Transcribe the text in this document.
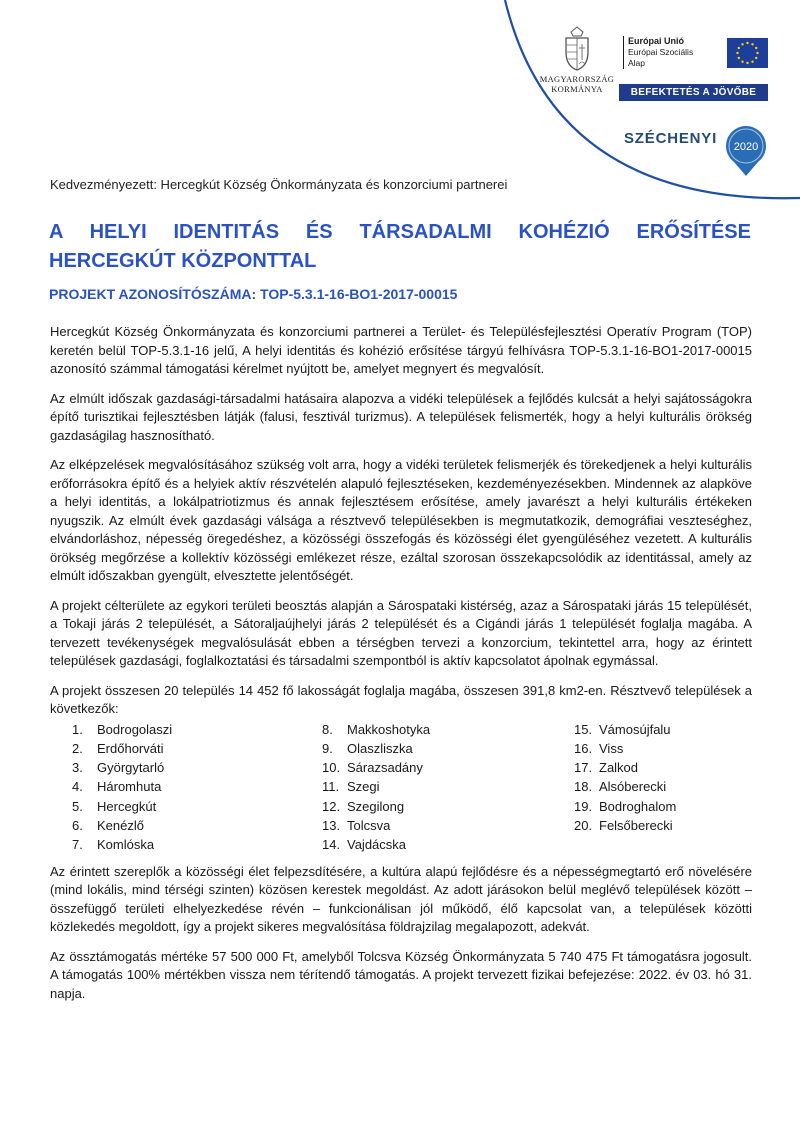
MAGYARORSZÁG
KORMÁNYA
Európai Unió
Európai Szociális
Alap
BEFEKTETÉS A JÖVŐBE
SZÉCHENYI 2020
Kedvezményezett: Hercegkút Község Önkormányzata és konzorciumi partnerei
A HELYI IDENTITÁS ÉS TÁRSADALMI KOHÉZIÓ ERŐSÍTÉSE
HERCEGKÚT KÖZPONTTAL
PROJEKT AZONOSÍTÓSZÁMA: TOP-5.3.1-16-BO1-2017-00015

Hercegkút Község Önkormányzata és konzorciumi partnerei a Terület- és Településfejlesztési Operatív Program (TOP) keretén belül TOP-5.3.1-16 jelű, A helyi identitás és kohézió erősítése tárgyú felhívásra TOP-5.3.1-16-BO1-2017-00015 azonosító számmal támogatási kérelmet nyújtott be, amelyet megnyert és megvalósít.

Az elmúlt időszak gazdasági-társadalmi hatásaira alapozva a vidéki települések a fejlődés kulcsát a helyi sajátosságokra építő turisztikai fejlesztésben látják (falusi, fesztivál turizmus). A települések felismerték, hogy a helyi kulturális örökség gazdaságilag hasznosítható.

Az elképzelések megvalósításához szükség volt arra, hogy a vidéki területek felismerjék és törekedjenek a helyi kulturális erőforrásokra építő és a helyiek aktív részvételén alapuló fejlesztéseken, kezdeményezésekben. Mindennek az alapköve a helyi identitás, a lokálpatriotizmus és annak fejlesztésem erősítése, amely javarészt a helyi kulturális értékeken nyugszik. Az elmúlt évek gazdasági válsága a résztvevő településekben is megmutatkozik, demográfiai veszteséghez, elvándorláshoz, népesség öregedéshez, a közösségi összefogás és közösségi élet gyengüléséhez vezetett. A kulturális örökség megőrzése a kollektív közösségi emlékezet része, ezáltal szorosan összekapcsolódik az identitással, amely az elmúlt időszakban gyengült, elvesztette jelentőségét.

A projekt célterülete az egykori területi beosztás alapján a Sárospataki kistérség, azaz a Sárospataki járás 15 települését, a Tokaji járás 2 települését, a Sátoraljaújhelyi járás 2 települését és a Cigándi járás 1 települését foglalja magába. A tervezett tevékenységek megvalósulását ebben a térségben tervezi a konzorcium, tekintettel arra, hogy az érintett települések gazdasági, foglalkoztatási és társadalmi szempontból is aktív kapcsolatot ápolnak egymással.

A projekt összesen 20 település 14 452 fő lakosságát foglalja magába, összesen 391,8 km2-en. Résztvevő települések a következők:

1. Bodrogolaszi
2. Erdőhorváti
3. Györgytarló
4. Háromhuta
5. Hercegkút
6. Kenézlő
7. Komlóska
8. Makkoshotyka
9. Olaszliszka
10. Sárazsadány
11. Szegi
12. Szegilong
13. Tolcsva
14. Vajdácska
15. Vámosújfalu
16. Viss
17. Zalkod
18. Alsóberecki
19. Bodroghalom
20. Felsőberecki

Az érintett szereplők a közösségi élet felpezsdítésére, a kultúra alapú fejlődésre és a népességmegtartó erő növelésére (mind lokális, mind térségi szinten) közösen kerestek megoldást. Az adott járásokon belül meglévő települések között – összefüggő területi elhelyezkedése révén – funkcionálisan jól működő, élő kapcsolat van, a települések közötti közlekedés megoldott, így a projekt sikeres megvalósítása földrajzilag megalapozott, adekvát.

Az össztámogatás mértéke 57 500 000 Ft, amelyből Tolcsva Község Önkormányzata 5 740 475 Ft támogatásra jogosult. A támogatás 100% mértékben vissza nem térítendő támogatás. A projekt tervezett fizikai befejezése: 2022. év 03. hó 31. napja.
